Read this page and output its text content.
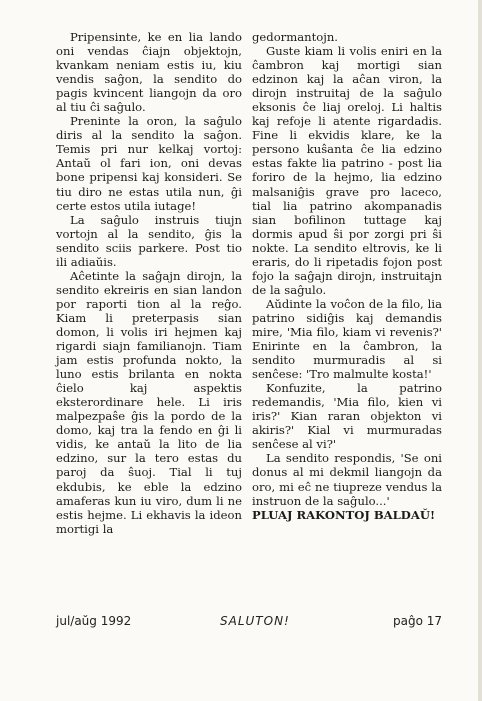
Pripensinte, ke en lia lando oni vendas ĉiajn objektojn, kvankam neniam estis iu, kiu vendis saĝon, la sendito do pagis kvincent liangojn da oro al tiu ĉi saĝulo.

Preninte la oron, la saĝulo diris al la sendito la saĝon. Temis pri nur kelkaj vortoj: Antaŭ ol fari ion, oni devas bone pripensi kaj konsideri. Se tiu diro ne estas utila nun, ĝi certe estos utila iutage!

La saĝulo instruis tiujn vortojn al la sendito, ĝis la sendito sciis parkere. Post tio ili adiaŭis.

Aĉetinte la saĝajn dirojn, la sendito ekreiris en sian landon por raporti tion al la reĝo. Kiam li preterpasis sian domon, li volis iri hejmen kaj rigardi siajn familianojn. Tiam jam estis profunda nokto, la luno estis brilanta en nokta ĉielo kaj aspektis eksterordinare hele. Li iris malpezpaŝe ĝis la pordo de la domo, kaj tra la fendo en ĝi li vidis, ke antaŭ la lito de lia edzino, sur la tero estas du paroj da ŝuoj. Tial li tuj ekdubis, ke eble la edzino amaferas kun iu viro, dum li ne estis hejme. Li ekhavis la ideon mortigi la

gedormantojn.

Guste kiam li volis eniri en la ĉambron kaj mortigi sian edzinon kaj la aĉan viron, la dirojn instruitaj de la saĝulo eksonis ĉe liaj oreloj. Li haltis kaj refoje li atente rigardadis. Fine li ekvidis klare, ke la persono kuŝanta ĉe lia edzino estas fakte lia patrino - post lia foriro de la hejmo, lia edzino malsaniĝis grave pro laceco, tial lia patrino akompanadis sian bofilinon tuttage kaj dormis apud ŝi por zorgi pri ŝi nokte. La sendito eltrovis, ke li eraris, do li ripetadis fojon post fojo la saĝajn dirojn, instruitajn de la saĝulo.

Aŭdinte la voĉon de la filo, lia patrino sidiĝis kaj demandis mire, 'Mia filo, kiam vi revenis?' Enirinte en la ĉambron, la sendito murmuradis al si senĉese: 'Tro malmulte kosta!'

Konfuzite, la patrino redemandis, 'Mia filo, kien vi iris?' Kian raran objekton vi akiris?' Kial vi murmuradas senĉese al vi?'

La sendito respondis, 'Se oni donus al mi dekmil liangojn da oro, mi eĉ ne tiupreze vendus la instruon de la saĝulo...'

PLUAJ RAKONTOJ BALDAŬ!

jul/aŭg 1992	SALUTON!	paĝo 17
